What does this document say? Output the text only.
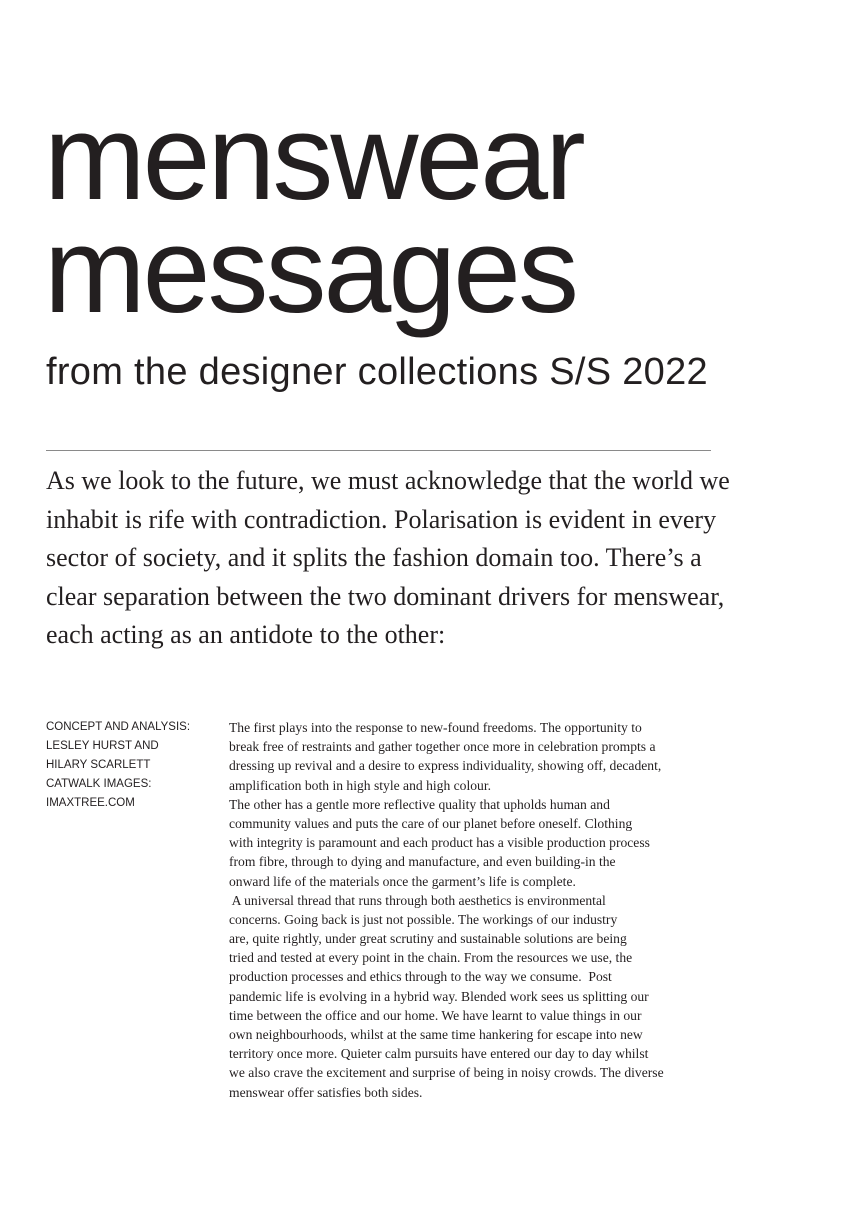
menswear
messages
from the designer collections S/S 2022

As we look to the future, we must acknowledge that the world we inhabit is rife with contradiction. Polarisation is evident in every sector of society, and it splits the fashion domain too. There’s a clear separation between the two dominant drivers for menswear, each acting as an antidote to the other:

CONCEPT AND ANALYSIS:
LESLEY HURST AND
HILARY SCARLETT
CATWALK IMAGES:
IMAXTREE.COM
The first plays into the response to new-found freedoms. The opportunity to
break free of restraints and gather together once more in celebration prompts a
dressing up revival and a desire to express individuality, showing off, decadent,
amplification both in high style and high colour.
The other has a gentle more reflective quality that upholds human and
community values and puts the care of our planet before oneself. Clothing
with integrity is paramount and each product has a visible production process
from fibre, through to dying and manufacture, and even building-in the
onward life of the materials once the garment’s life is complete.
A universal thread that runs through both aesthetics is environmental
concerns. Going back is just not possible. The workings of our industry
are, quite rightly, under great scrutiny and sustainable solutions are being
tried and tested at every point in the chain. From the resources we use, the
production processes and ethics through to the way we consume.  Post
pandemic life is evolving in a hybrid way. Blended work sees us splitting our
time between the office and our home. We have learnt to value things in our
own neighbourhoods, whilst at the same time hankering for escape into new
territory once more. Quieter calm pursuits have entered our day to day whilst
we also crave the excitement and surprise of being in noisy crowds. The diverse
menswear offer satisfies both sides.
